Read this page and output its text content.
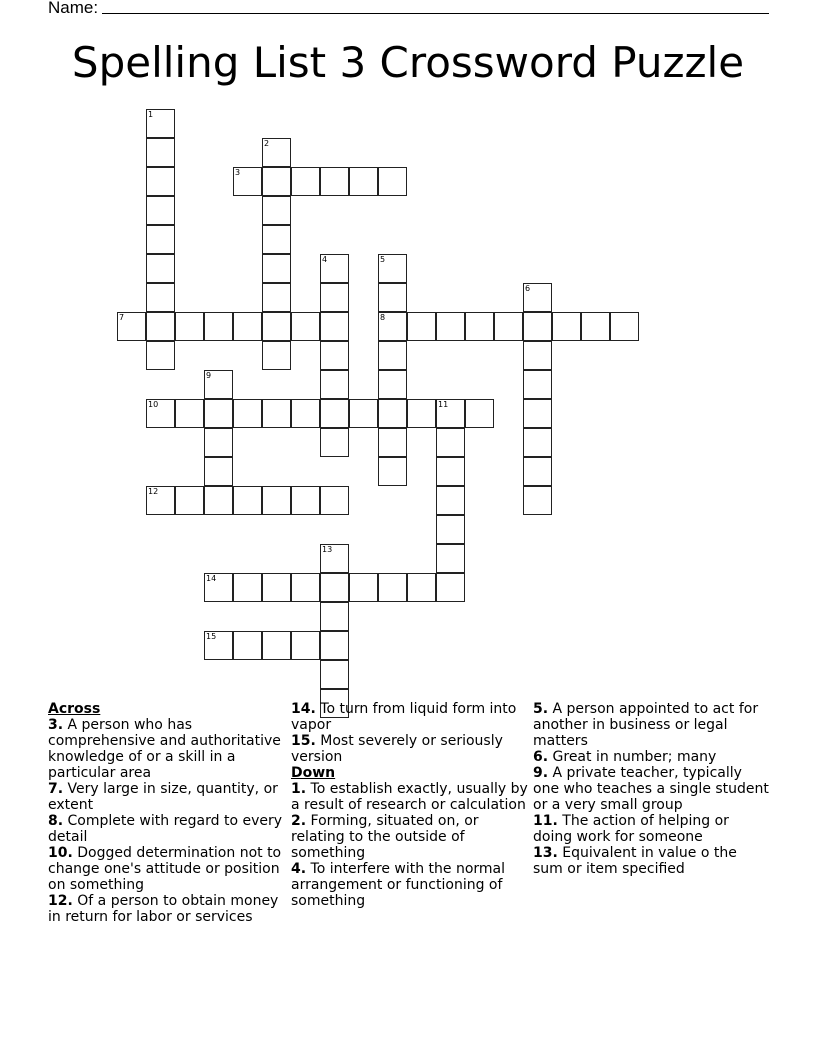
Name:
Spelling List 3 Crossword Puzzle
1
2
3
4	5
8
6
7
9
10	11
12
13
14
15
Across
3. A person who has comprehensive and authoritative knowledge of or a skill in a particular area
7. Very large in size, quantity, or extent
8. Complete with regard to every detail
10. Dogged determination not to change one's attitude or position on something
12. Of a person to obtain money in return for labor or services
14. To turn from liquid form into vapor
15. Most severely or seriously version
Down
1. To establish exactly, usually by a result of research or calculation
2. Forming, situated on, or relating to the outside of something
4. To interfere with the normal arrangement or functioning of something
5. A person appointed to act for another in business or legal matters
6. Great in number; many
9. A private teacher, typically one who teaches a single student or a very small group
11. The action of helping or doing work for someone
13. Equivalent in value o the sum or item specified
